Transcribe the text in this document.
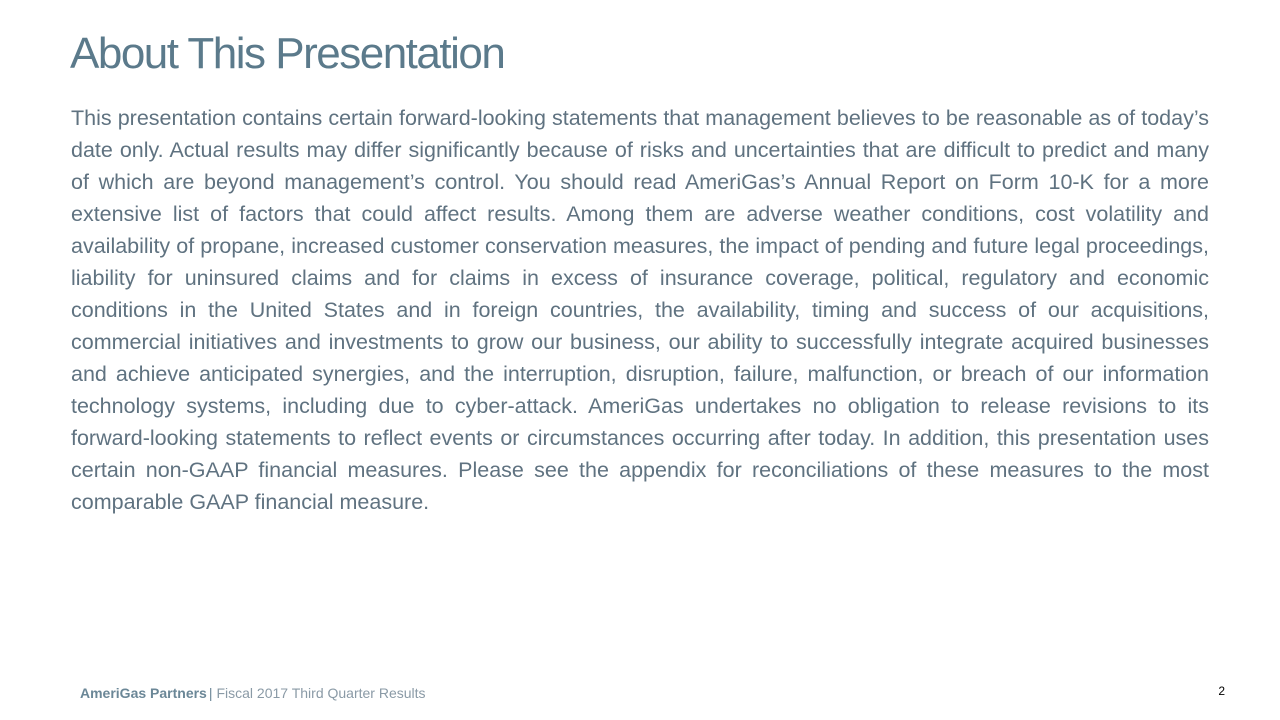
About This Presentation

This presentation contains certain forward-looking statements that management believes to be reasonable as of today’s date only. Actual results may differ significantly because of risks and uncertainties that are difficult to predict and many of which are beyond management’s control. You should read AmeriGas’s Annual Report on Form 10-K for a more extensive list of factors that could affect results. Among them are adverse weather conditions, cost volatility and availability of propane, increased customer conservation measures, the impact of pending and future legal proceedings, liability for uninsured claims and for claims in excess of insurance coverage, political, regulatory and economic conditions in the United States and in foreign countries, the availability, timing and success of our acquisitions, commercial initiatives and investments to grow our business, our ability to successfully integrate acquired businesses and achieve anticipated synergies, and the interruption, disruption, failure, malfunction, or breach of our information technology systems, including due to cyber-attack. AmeriGas undertakes no obligation to release revisions to its forward-looking statements to reflect events or circumstances occurring after today. In addition, this presentation uses certain non-GAAP financial measures. Please see the appendix for reconciliations of these measures to the most comparable GAAP financial measure.

AmeriGas Partners | Fiscal 2017 Third Quarter Results	2
